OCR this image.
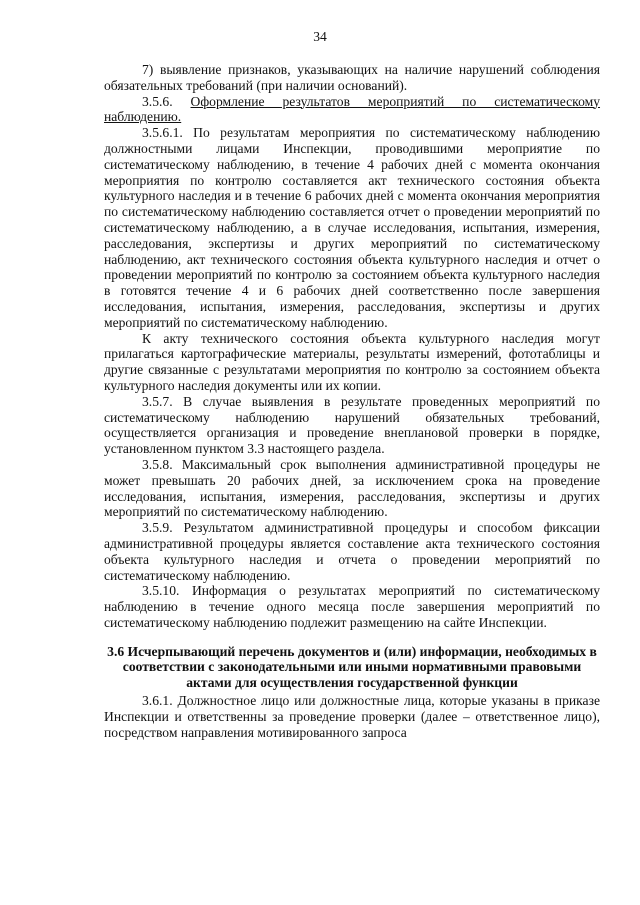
34

7) выявление признаков, указывающих на наличие нарушений соблюдения обязательных требований (при наличии оснований).

3.5.6. Оформление результатов мероприятий по систематическому наблюдению.

3.5.6.1. По результатам мероприятия по систематическому наблюдению должностными лицами Инспекции, проводившими мероприятие по систематическому наблюдению, в течение 4 рабочих дней с момента окончания мероприятия по контролю составляется акт технического состояния объекта культурного наследия и в течение 6 рабочих дней с момента окончания мероприятия по систематическому наблюдению составляется отчет о проведении мероприятий по систематическому наблюдению, а в случае исследования, испытания, измерения, расследования, экспертизы и других мероприятий по систематическому наблюдению, акт технического состояния объекта культурного наследия и отчет о проведении мероприятий по контролю за состоянием объекта культурного наследия в готовятся течение 4 и 6 рабочих дней соответственно после завершения исследования, испытания, измерения, расследования, экспертизы и других мероприятий по систематическому наблюдению.

К акту технического состояния объекта культурного наследия могут прилагаться картографические материалы, результаты измерений, фототаблицы и другие связанные с результатами мероприятия по контролю за состоянием объекта культурного наследия документы или их копии.

3.5.7. В случае выявления в результате проведенных мероприятий по систематическому наблюдению нарушений обязательных требований, осуществляется организация и проведение внеплановой проверки в порядке, установленном пунктом 3.3 настоящего раздела.

3.5.8. Максимальный срок выполнения административной процедуры не может превышать 20 рабочих дней, за исключением срока на проведение исследования, испытания, измерения, расследования, экспертизы и других мероприятий по систематическому наблюдению.

3.5.9. Результатом административной процедуры и способом фиксации административной процедуры является составление акта технического состояния объекта культурного наследия и отчета о проведении мероприятий по систематическому наблюдению.

3.5.10. Информация о результатах мероприятий по систематическому наблюдению в течение одного месяца после завершения мероприятий по систематическому наблюдению подлежит размещению на сайте Инспекции.

3.6 Исчерпывающий перечень документов и (или) информации, необходимых в соответствии с законодательными или иными нормативными правовыми актами для осуществления государственной функции

3.6.1. Должностное лицо или должностные лица, которые указаны в приказе Инспекции и ответственны за проведение проверки (далее – ответственное лицо), посредством направления мотивированного запроса
